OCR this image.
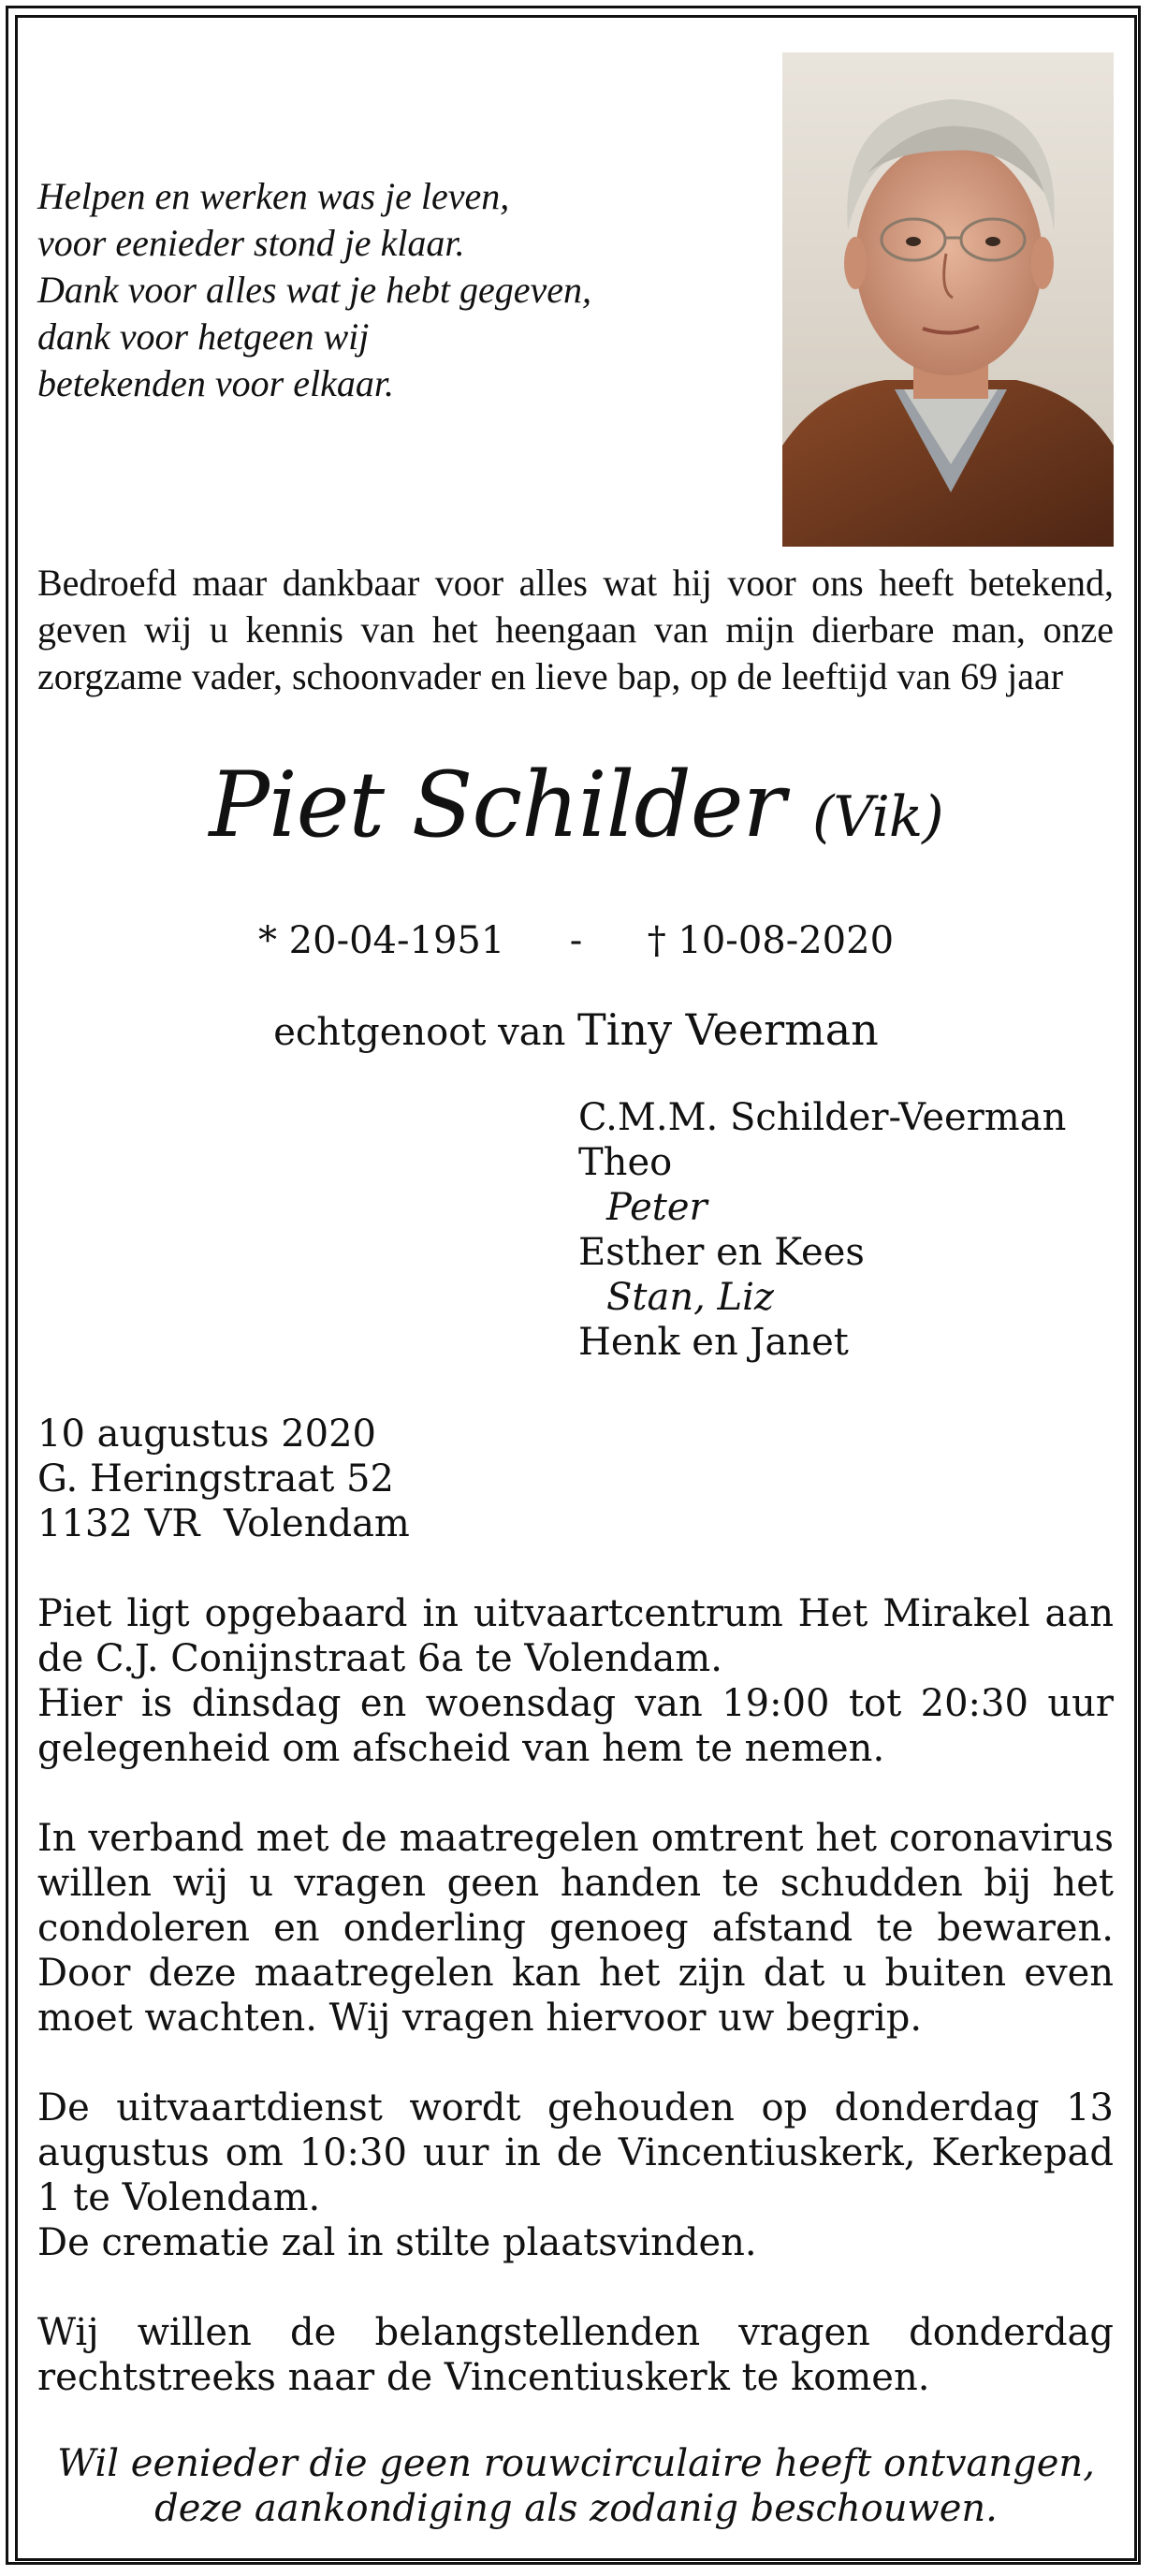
Helpen en werken was je leven,
voor eenieder stond je klaar.
Dank voor alles wat je hebt gegeven,
dank voor hetgeen wij
betekenden voor elkaar.
Bedroefd maar dankbaar voor alles wat hij voor ons heeft betekend, geven wij u kennis van het heengaan van mijn dierbare man, onze zorgzame vader, schoonvader en lieve bap, op de leeftijd van 69 jaar
Piet Schilder (Vik)
* 20-04-1951 - † 10-08-2020
echtgenoot van Tiny Veerman
C.M.M. Schilder-Veerman
Theo
Peter
Esther en Kees
Stan, Liz
Henk en Janet
10 augustus 2020
G. Heringstraat 52
1132 VR  Volendam
Piet ligt opgebaard in uitvaartcentrum Het Mirakel aan de C.J. Conijnstraat 6a te Volendam.
Hier is dinsdag en woensdag van 19:00 tot 20:30 uur gelegenheid om afscheid van hem te nemen.
In verband met de maatregelen omtrent het coronavirus willen wij u vragen geen handen te schudden bij het condoleren en onderling genoeg afstand te bewaren. Door deze maatregelen kan het zijn dat u buiten even moet wachten. Wij vragen hiervoor uw begrip.
De uitvaartdienst wordt gehouden op donderdag 13 augustus om 10:30 uur in de Vincentiuskerk, Kerkepad 1 te Volendam.
De crematie zal in stilte plaatsvinden.
Wij willen de belangstellenden vragen donderdag rechtstreeks naar de Vincentiuskerk te komen.
Wil eenieder die geen rouwcirculaire heeft ontvangen,
deze aankondiging als zodanig beschouwen.
